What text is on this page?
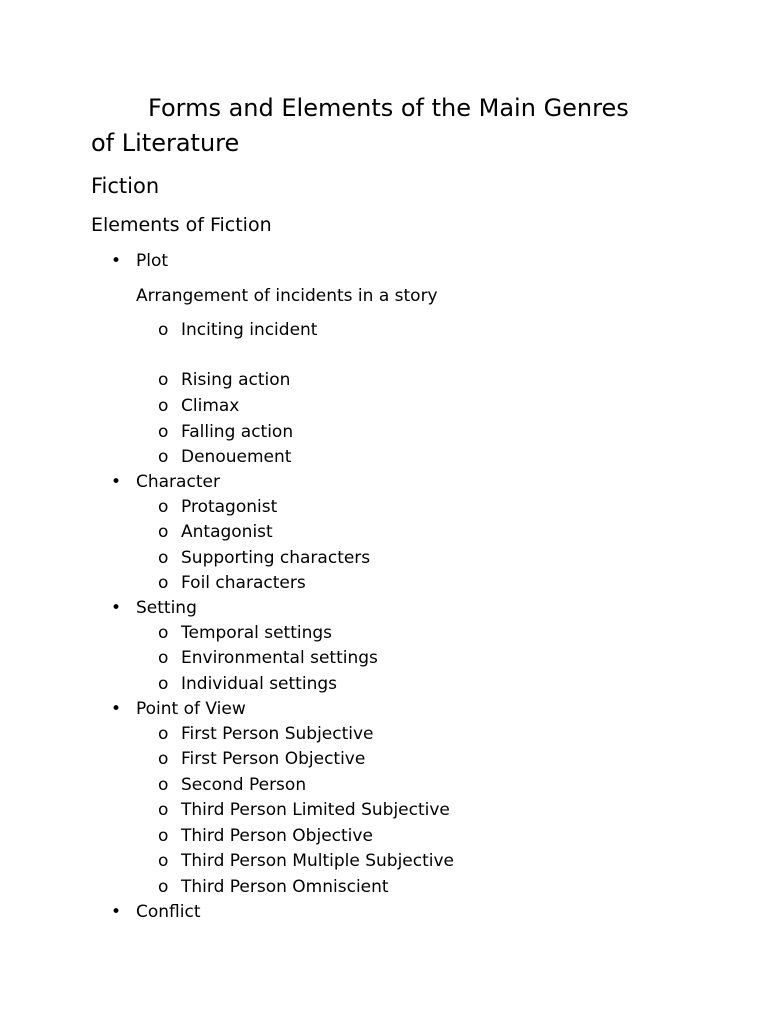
Forms and Elements of the Main Genres
of Literature
Fiction
Elements of Fiction
• Plot
Arrangement of incidents in a story
o Inciting incident
o Rising action
o Climax
o Falling action
o Denouement
• Character
o Protagonist
o Antagonist
o Supporting characters
o Foil characters
• Setting
o Temporal settings
o Environmental settings
o Individual settings
• Point of View
o First Person Subjective
o First Person Objective
o Second Person
o Third Person Limited Subjective
o Third Person Objective
o Third Person Multiple Subjective
o Third Person Omniscient
• Conflict
